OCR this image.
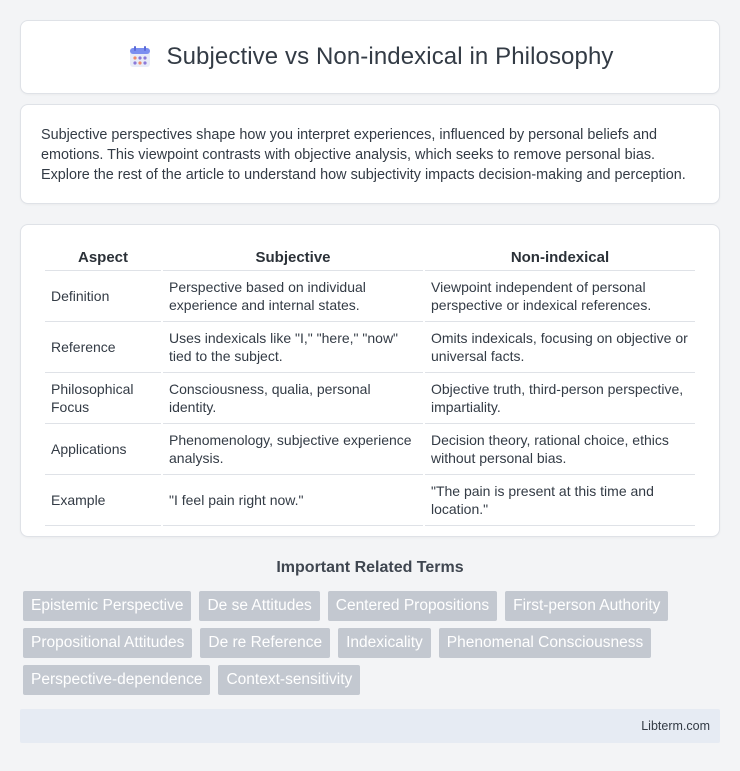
Subjective vs Non-indexical in Philosophy

Subjective perspectives shape how you interpret experiences, influenced by personal beliefs and emotions. This viewpoint contrasts with objective analysis, which seeks to remove personal bias. Explore the rest of the article to understand how subjectivity impacts decision-making and perception.

Aspect	Subjective	Non-indexical
Definition	Perspective based on individual experience and internal states.	Viewpoint independent of personal perspective or indexical references.
Reference	Uses indexicals like "I," "here," "now" tied to the subject.	Omits indexicals, focusing on objective or universal facts.
Philosophical Focus	Consciousness, qualia, personal identity.	Objective truth, third-person perspective, impartiality.
Applications	Phenomenology, subjective experience analysis.	Decision theory, rational choice, ethics without personal bias.
Example	"I feel pain right now."	"The pain is present at this time and location."
Important Related Terms
Epistemic Perspective	De se Attitudes	Centered Propositions	First-person Authority
Propositional Attitudes	De re Reference	Indexicality	Phenomenal Consciousness
Perspective-dependence	Context-sensitivity
Libterm.com
